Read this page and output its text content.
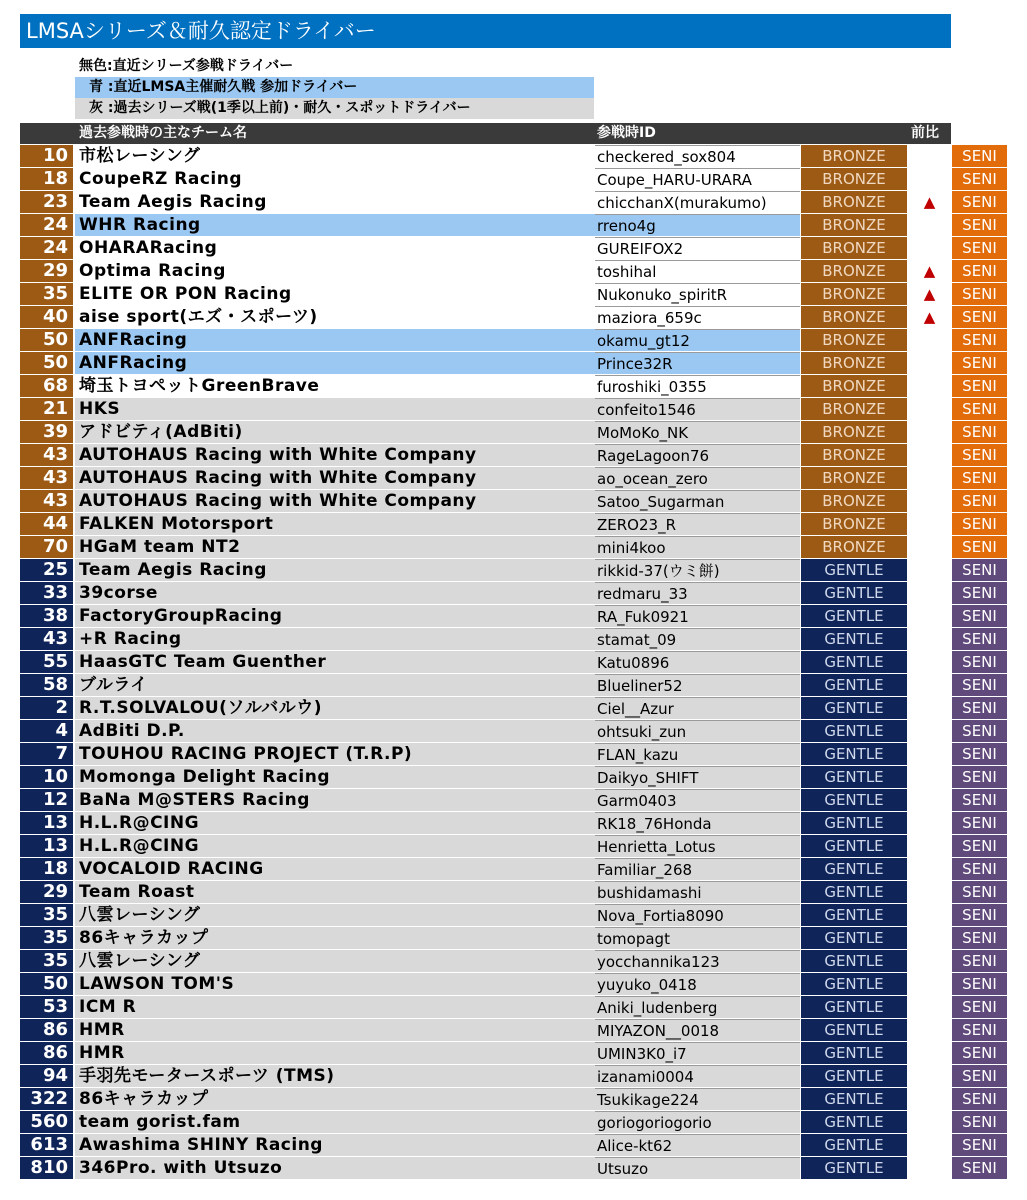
LMSAシリーズ＆耐久認定ドライバー
無色:直近シリーズ参戦ドライバー
青 :直近LMSA主催耐久戦 参加ドライバー
灰 :過去シリーズ戦(1季以上前)・耐久・スポットドライバー
過去参戦時の主なチーム名	参戦時ID	前比
10 市松レーシング	checkered_sox804	BRONZE	SENI
18 CoupeRZ Racing	Coupe_HARU-URARA	BRONZE	SENI
23 Team Aegis Racing	chicchanX(murakumo)	BRONZE	▲	SENI
24 WHR Racing	rreno4g	BRONZE	SENI
24 OHARARacing	GUREIFOX2	BRONZE	SENI
29 Optima Racing	toshihal	BRONZE	▲	SENI
35 ELITE OR PON Racing	Nukonuko_spiritR	BRONZE	▲	SENI
40 aise sport(エズ・スポーツ)	maziora_659c	BRONZE	▲	SENI
50 ANFRacing	okamu_gt12	BRONZE	SENI
50 ANFRacing	Prince32R	BRONZE	SENI
68 埼玉トヨペットGreenBrave	furoshiki_0355	BRONZE	SENI
21 HKS	confeito1546	BRONZE	SENI
39 アドビティ(AdBiti)	MoMoKo_NK	BRONZE	SENI
43 AUTOHAUS Racing with White Company	RageLagoon76	BRONZE	SENI
43 AUTOHAUS Racing with White Company	ao_ocean_zero	BRONZE	SENI
43 AUTOHAUS Racing with White Company	Satoo_Sugarman	BRONZE	SENI
44 FALKEN Motorsport	ZERO23_R	BRONZE	SENI
70 HGaM team NT2	mini4koo	BRONZE	SENI
25 Team Aegis Racing	rikkid-37(ウミ餅)	GENTLE	SENI
33 39corse	redmaru_33	GENTLE	SENI
38 FactoryGroupRacing	RA_Fuk0921	GENTLE	SENI
43 +R Racing	stamat_09	GENTLE	SENI
55 HaasGTC Team Guenther	Katu0896	GENTLE	SENI
58 ブルライ	Blueliner52	GENTLE	SENI
2 R.T.SOLVALOU(ソルバルウ)	Ciel__Azur	GENTLE	SENI
4 AdBiti D.P.	ohtsuki_zun	GENTLE	SENI
7 TOUHOU RACING PROJECT (T.R.P)	FLAN_kazu	GENTLE	SENI
10 Momonga Delight Racing	Daikyo_SHIFT	GENTLE	SENI
12 BaNa M@STERS Racing	Garm0403	GENTLE	SENI
13 H.L.R@CING	RK18_76Honda	GENTLE	SENI
13 H.L.R@CING	Henrietta_Lotus	GENTLE	SENI
18 VOCALOID RACING	Familiar_268	GENTLE	SENI
29 Team Roast	bushidamashi	GENTLE	SENI
35 八雲レーシング	Nova_Fortia8090	GENTLE	SENI
35 86キャラカップ	tomopagt	GENTLE	SENI
35 八雲レーシング	yocchannika123	GENTLE	SENI
50 LAWSON TOM'S	yuyuko_0418	GENTLE	SENI
53 ICM R	Aniki_ludenberg	GENTLE	SENI
86 HMR	MIYAZON__0018	GENTLE	SENI
86 HMR	UMIN3K0_i7	GENTLE	SENI
94 手羽先モータースポーツ (TMS)	izanami0004	GENTLE	SENI
322 86キャラカップ	Tsukikage224	GENTLE	SENI
560 team gorist.fam	goriogoriogorio	GENTLE	SENI
613 Awashima SHINY Racing	Alice-kt62	GENTLE	SENI
810 346Pro. with Utsuzo	Utsuzo	GENTLE	SENI
